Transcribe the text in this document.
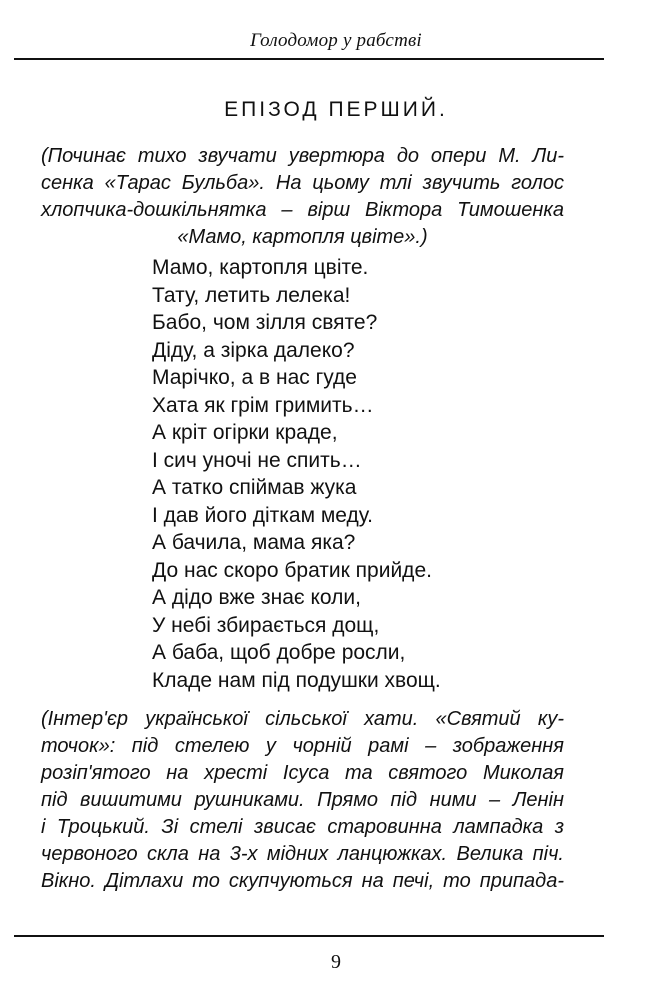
Голодомор у рабстві
ЕПІЗОД ПЕРШИЙ.

(Починає тихо звучати увертюра до опери М. Ли-
сенка «Тарас Бульба». На цьому тлі звучить голос
хлопчика-дошкільнятка – вірш Віктора Тимошенка
«Мамо, картопля цвіте».)

Мамо, картопля цвіте.
Тату, летить лелека!
Бабо, чом зілля святе?
Діду, а зірка далеко?
Марічко, а в нас гуде
Хата як грім гримить…
А кріт огірки краде,
І сич уночі не спить…
А татко спіймав жука
І дав його діткам меду.
А бачила, мама яка?
До нас скоро братик прийде.
А дідо вже знає коли,
У небі збирається дощ,
А баба, щоб добре росли,
Кладе нам під подушки хвощ.

(Інтер'єр української сільської хати. «Святий ку-
точок»: під стелею у чорній рамі – зображення
розіп'ятого на хресті Ісуса та святого Миколая
під вишитими рушниками. Прямо під ними – Ленін
і Троцький. Зі стелі звисає старовинна лампадка з
червоного скла на 3-х мідних ланцюжках. Велика піч.
Вікно. Дітлахи то скупчуються на печі, то припада-

9
